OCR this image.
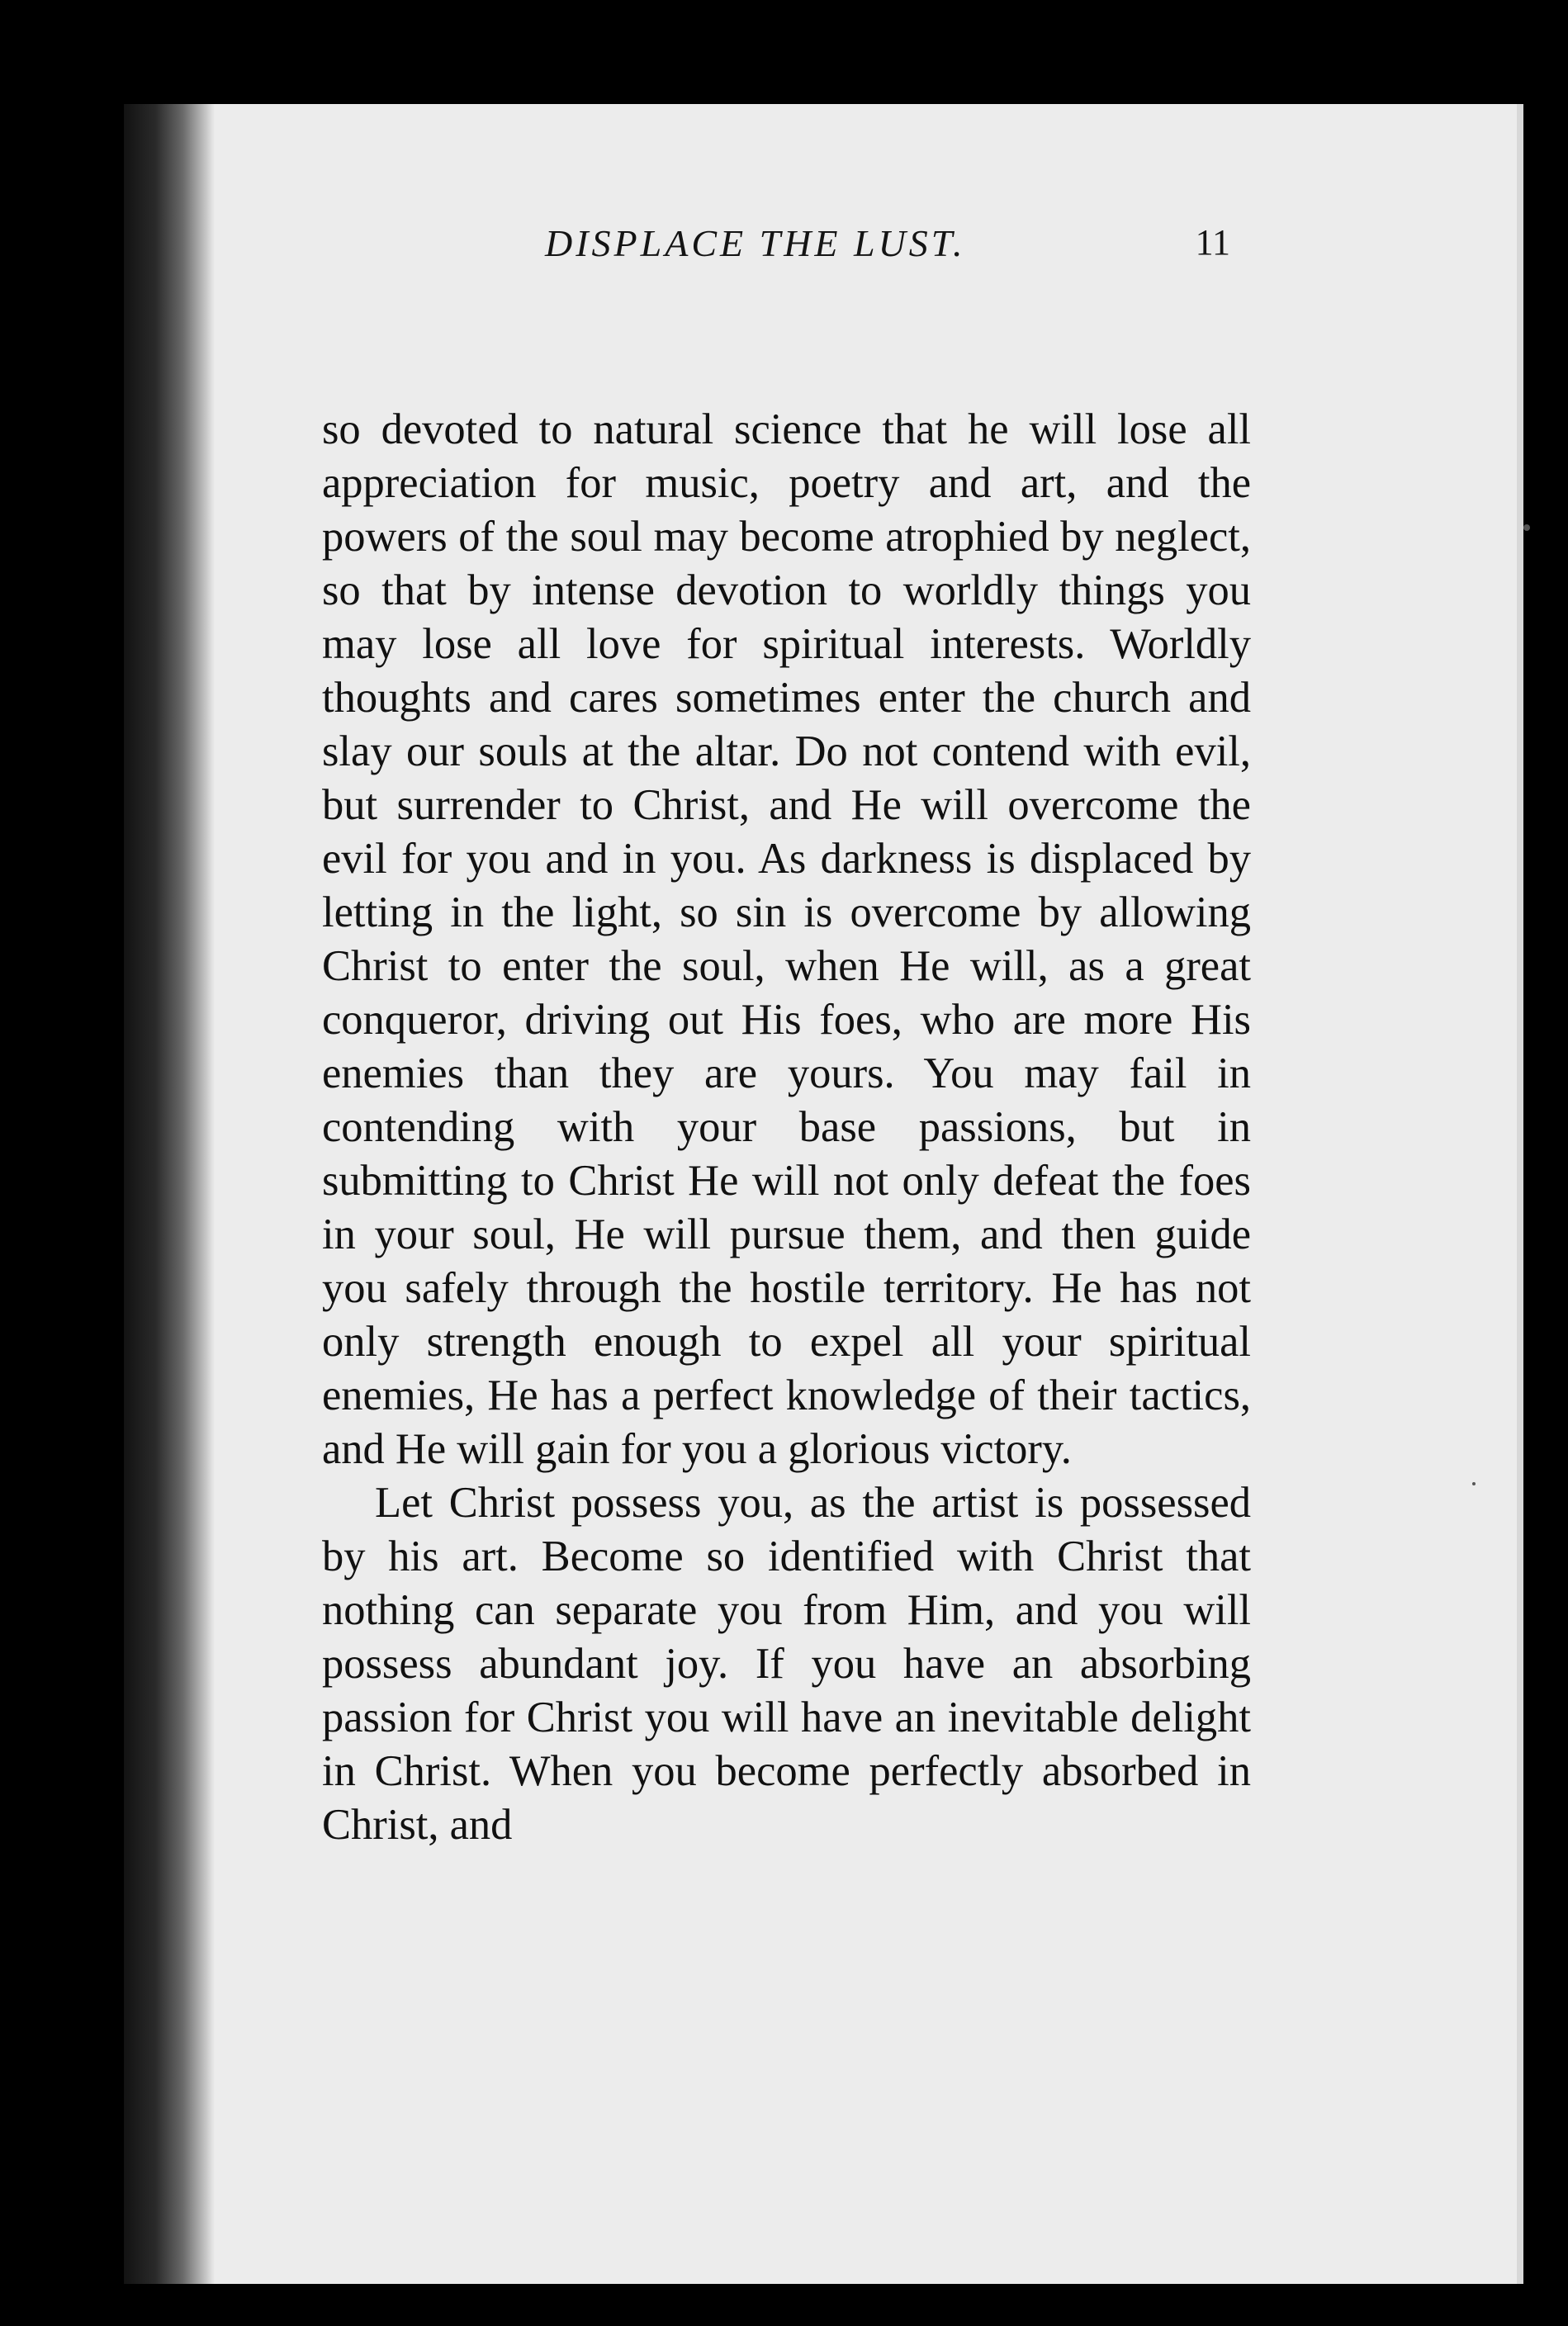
DISPLACE THE LUST.	11

so devoted to natural science that he will lose all appreciation for music, poetry and art, and the powers of the soul may become atrophied by neglect, so that by intense devotion to worldly things you may lose all love for spiritual interests. Worldly thoughts and cares sometimes enter the church and slay our souls at the altar. Do not contend with evil, but surrender to Christ, and He will overcome the evil for you and in you. As darkness is displaced by letting in the light, so sin is overcome by allowing Christ to enter the soul, when He will, as a great conqueror, driving out His foes, who are more His enemies than they are yours. You may fail in contending with your base passions, but in submitting to Christ He will not only defeat the foes in your soul, He will pursue them, and then guide you safely through the hostile territory. He has not only strength enough to expel all your spiritual enemies, He has a perfect knowledge of their tactics, and He will gain for you a glorious victory.

Let Christ possess you, as the artist is possessed by his art. Become so identified with Christ that nothing can separate you from Him, and you will possess abundant joy. If you have an absorbing passion for Christ you will have an inevitable delight in Christ. When you become perfectly absorbed in Christ, and
